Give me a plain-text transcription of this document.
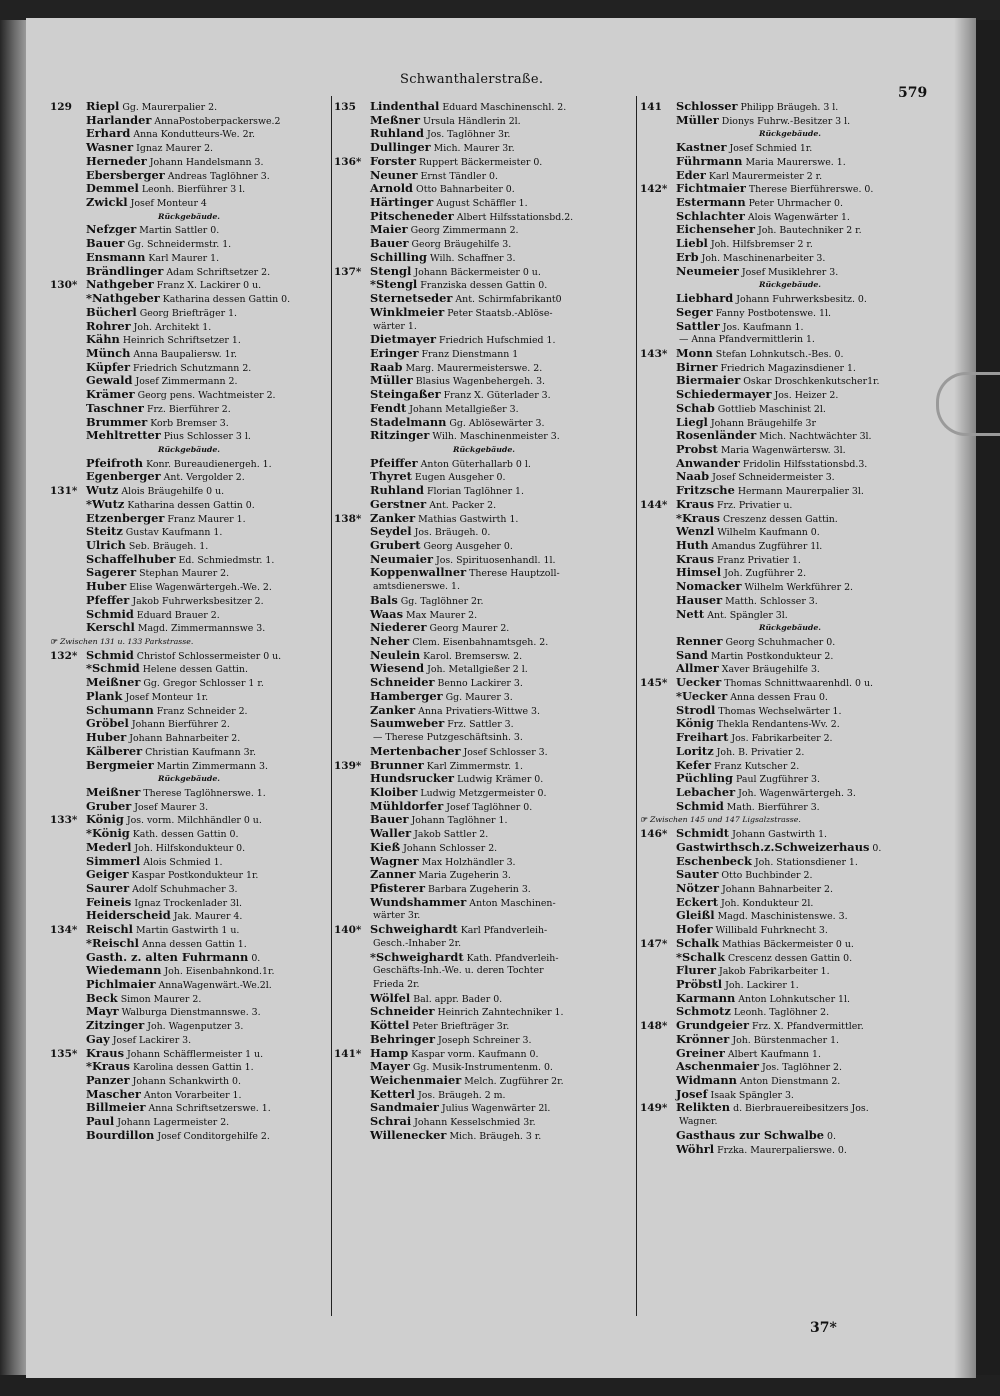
Schwanthalerstraße.
579
129	Riepl Gg. Maurerpalier 2.
Harlander AnnaPostoberpackerswe.2
Erhard Anna Kondutteurs-We. 2r.
Wasner Ignaz Maurer 2.
Herneder Johann Handelsmann 3.
Ebersberger Andreas Taglöhner 3.
Demmel Leonh. Bierführer 3 l.
Zwickl Josef Monteur 4
Rückgebäude.
Nefzger Martin Sattler 0.
Bauer Gg. Schneidermstr. 1.
Ensmann Karl Maurer 1.
Brändlinger Adam Schriftsetzer 2.
130* Nathgeber Franz X. Lackirer 0 u.
*Nathgeber Katharina dessen Gattin 0.
Bücherl Georg Briefträger 1.
Rohrer Joh. Architekt 1.
Kähn Heinrich Schriftsetzer 1.
Münch Anna Baupaliersw. 1r.
Küpfer Friedrich Schutzmann 2.
Gewald Josef Zimmermann 2.
Krämer Georg pens. Wachtmeister 2.
Taschner Frz. Bierführer 2.
Brummer Korb Bremser 3.
Mehltretter Pius Schlosser 3 l.
Rückgebäude.
Pfeifroth Konr. Bureaudienergeh. 1.
Egenberger Ant. Vergolder 2.
131* Wutz Alois Bräugehilfe 0 u.
*Wutz Katharina dessen Gattin 0.
Etzenberger Franz Maurer 1.
Steitz Gustav Kaufmann 1.
Ulrich Seb. Bräugeh. 1.
Schaffelhuber Ed. Schmiedmstr. 1.
Sagerer Stephan Maurer 2.
Huber Elise Wagenwärtergeh.-We. 2.
Pfeffer Jakob Fuhrwerksbesitzer 2.
Schmid Eduard Brauer 2.
Kerschl Magd. Zimmermannswe 3.
☞ Zwischen 131 u. 133 Parkstrasse.
132* Schmid Christof Schlossermeister 0 u.
*Schmid Helene dessen Gattin.
Meißner Gg. Gregor Schlosser 1 r.
Plank Josef Monteur 1r.
Schumann Franz Schneider 2.
Gröbel Johann Bierführer 2.
Huber Johann Bahnarbeiter 2.
Kälberer Christian Kaufmann 3r.
Bergmeier Martin Zimmermann 3.
Rückgebäude.
Meißner Therese Taglöhnerswe. 1.
Gruber Josef Maurer 3.
133* König Jos. vorm. Milchhändler 0 u.
*König Kath. dessen Gattin 0.
Mederl Joh. Hilfskondukteur 0.
Simmerl Alois Schmied 1.
Geiger Kaspar Postkondukteur 1r.
Saurer Adolf Schuhmacher 3.
Feineis Ignaz Trockenlader 3l.
Heiderscheid Jak. Maurer 4.
134* Reischl Martin Gastwirth 1 u.
*Reischl Anna dessen Gattin 1.
Gasth. z. alten Fuhrmann 0.
Wiedemann Joh. Eisenbahnkond.1r.
Pichlmaier AnnaWagenwärt.-We.2l.
Beck Simon Maurer 2.
Mayr Walburga Dienstmannswe. 3.
Zitzinger Joh. Wagenputzer 3.
Gay Josef Lackirer 3.
135* Kraus Johann Schäfflermeister 1 u.
*Kraus Karolina dessen Gattin 1.
Panzer Johann Schankwirth 0.
Mascher Anton Vorarbeiter 1.
Billmeier Anna Schriftsetzerswe. 1.
Paul Johann Lagermeister 2.
Bourdillon Josef Conditorgehilfe 2.
135	Lindenthal Eduard Maschinenschl. 2.
Meßner Ursula Händlerin 2l.
Ruhland Jos. Taglöhner 3r.
Dullinger Mich. Maurer 3r.
136* Forster Ruppert Bäckermeister 0.
Neuner Ernst Tändler 0.
Arnold Otto Bahnarbeiter 0.
Härtinger August Schäffler 1.
Pitscheneder Albert Hilfsstationsbd.2.
Maier Georg Zimmermann 2.
Bauer Georg Bräugehilfe 3.
Schilling Wilh. Schaffner 3.
137* Stengl Johann Bäckermeister 0 u.
*Stengl Franziska dessen Gattin 0.
Sternetseder Ant. Schirmfabrikant0
Winklmeier Peter Staatsb.-Ablöse-
wärter 1.
Dietmayer Friedrich Hufschmied 1.
Eringer Franz Dienstmann 1
Raab Marg. Maurermeisterswe. 2.
Müller Blasius Wagenbehergeh. 3.
Steingaßer Franz X. Güterlader 3.
Fendt Johann Metallgießer 3.
Stadelmann Gg. Ablösewärter 3.
Ritzinger Wilh. Maschinenmeister 3.
Rückgebäude.
Pfeiffer Anton Güterhallarb 0 l.
Thyret Eugen Ausgeher 0.
Ruhland Florian Taglöhner 1.
Gerstner Ant. Packer 2.
138* Zanker Mathias Gastwirth 1.
Seydel Jos. Bräugeh. 0.
Grubert Georg Ausgeher 0.
Neumaier Jos. Spirituosenhandl. 1l.
Koppenwallner Therese Hauptzoll-
amtsdienerswe. 1.
Bals Gg. Taglöhner 2r.
Waas Max Maurer 2.
Niederer Georg Maurer 2.
Neher Clem. Eisenbahnamtsgeh. 2.
Neulein Karol. Bremsersw. 2.
Wiesend Joh. Metallgießer 2 l.
Schneider Benno Lackirer 3.
Hamberger Gg. Maurer 3.
Zanker Anna Privatiers-Wittwe 3.
Saumweber Frz. Sattler 3.
— Therese Putzgeschäftsinh. 3.
Mertenbacher Josef Schlosser 3.
139* Brunner Karl Zimmermstr. 1.
Hundsrucker Ludwig Krämer 0.
Kloiber Ludwig Metzgermeister 0.
Mühldorfer Josef Taglöhner 0.
Bauer Johann Taglöhner 1.
Waller Jakob Sattler 2.
Kieß Johann Schlosser 2.
Wagner Max Holzhändler 3.
Zanner Maria Zugeherin 3.
Pfisterer Barbara Zugeherin 3.
Wundshammer Anton Maschinen-
wärter 3r.
140* Schweighardt Karl Pfandverleih-
Gesch.-Inhaber 2r.
*Schweighardt Kath. Pfandverleih-
Geschäfts-Inh.-We. u. deren Tochter
Frieda 2r.
Wölfel Bal. appr. Bader 0.
Schneider Heinrich Zahntechniker 1.
Köttel Peter Briefträger 3r.
Behringer Joseph Schreiner 3.
141* Hamp Kaspar vorm. Kaufmann 0.
Mayer Gg. Musik-Instrumentenm. 0.
Weichenmaier Melch. Zugführer 2r.
Ketterl Jos. Bräugeh. 2 m.
Sandmaier Julius Wagenwärter 2l.
Schrai Johann Kesselschmied 3r.
Willenecker Mich. Bräugeh. 3 r.
141	Schlosser Philipp Bräugeh. 3 l.
Müller Dionys Fuhrw.-Besitzer 3 l.
Rückgebäude.
Kastner Josef Schmied 1r.
Führmann Maria Maurerswe. 1.
Eder Karl Maurermeister 2 r.
142* Fichtmaier Therese Bierführerswe. 0.
Estermann Peter Uhrmacher 0.
Schlachter Alois Wagenwärter 1.
Eichenseher Joh. Bautechniker 2 r.
Liebl Joh. Hilfsbremser 2 r.
Erb Joh. Maschinenarbeiter 3.
Neumeier Josef Musiklehrer 3.
Rückgebäude.
Liebhard Johann Fuhrwerksbesitz. 0.
Seger Fanny Postbotenswe. 1l.
Sattler Jos. Kaufmann 1.
— Anna Pfandvermittlerin 1.
143* Monn Stefan Lohnkutsch.-Bes. 0.
Birner Friedrich Magazinsdiener 1.
Biermaier Oskar Droschkenkutscher1r.
Schiedermayer Jos. Heizer 2.
Schab Gottlieb Maschinist 2l.
Liegl Johann Bräugehilfe 3r
Rosenländer Mich. Nachtwächter 3l.
Probst Maria Wagenwärtersw. 3l.
Anwander Fridolin Hilfsstationsbd.3.
Naab Josef Schneidermeister 3.
Fritzsche Hermann Maurerpalier 3l.
144* Kraus Frz. Privatier u.
*Kraus Creszenz dessen Gattin.
Wenzl Wilhelm Kaufmann 0.
Huth Amandus Zugführer 1l.
Kraus Franz Privatier 1.
Himsel Joh. Zugführer 2.
Nomacker Wilhelm Werkführer 2.
Hauser Matth. Schlosser 3.
Nett Ant. Spängler 3l.
Rückgebäude.
Renner Georg Schuhmacher 0.
Sand Martin Postkondukteur 2.
Allmer Xaver Bräugehilfe 3.
145* Uecker Thomas Schnittwaarenhdl. 0 u.
*Uecker Anna dessen Frau 0.
Strodl Thomas Wechselwärter 1.
König Thekla Rendantens-Wv. 2.
Freihart Jos. Fabrikarbeiter 2.
Loritz Joh. B. Privatier 2.
Kefer Franz Kutscher 2.
Püchling Paul Zugführer 3.
Lebacher Joh. Wagenwärtergeh. 3.
Schmid Math. Bierführer 3.
☞ Zwischen 145 und 147 Ligsalzstrasse.
146* Schmidt Johann Gastwirth 1.
Gastwirthsch.z.Schweizerhaus 0.
Eschenbeck Joh. Stationsdiener 1.
Sauter Otto Buchbinder 2.
Nötzer Johann Bahnarbeiter 2.
Eckert Joh. Kondukteur 2l.
Gleißl Magd. Maschinistenswe. 3.
Hofer Willibald Fuhrknecht 3.
147* Schalk Mathias Bäckermeister 0 u.
*Schalk Crescenz dessen Gattin 0.
Flurer Jakob Fabrikarbeiter 1.
Pröbstl Joh. Lackirer 1.
Karmann Anton Lohnkutscher 1l.
Schmotz Leonh. Taglöhner 2.
148* Grundgeier Frz. X. Pfandvermittler.
Krönner Joh. Bürstenmacher 1.
Greiner Albert Kaufmann 1.
Aschenmaier Jos. Taglöhner 2.
Widmann Anton Dienstmann 2.
Josef Isaak Spängler 3.
149* Relikten d. Bierbrauereibesitzers Jos.
Wagner.
Gasthaus zur Schwalbe 0.
Wöhrl Frzka. Maurerpalierswe. 0.
37*
